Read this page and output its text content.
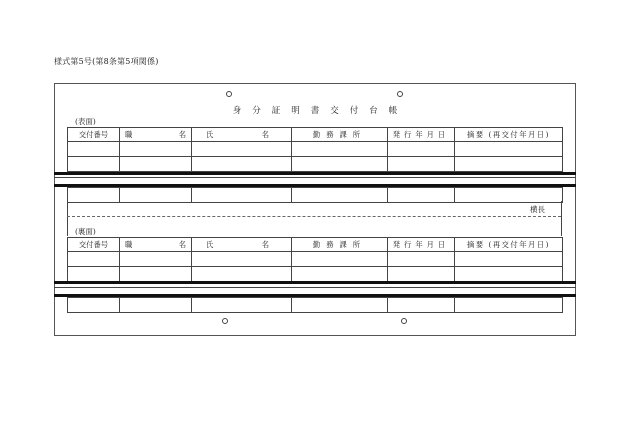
様式第5号(第8条第5項関係)
身分証明書交付台帳
(表面)
交付番号	職 名	氏 名	勤務課所	発行年月日	摘要 (再交付年月日)

横長
(裏面)
交付番号	職 名	氏 名	勤務課所	発行年月日	摘要 (再交付年月日)
